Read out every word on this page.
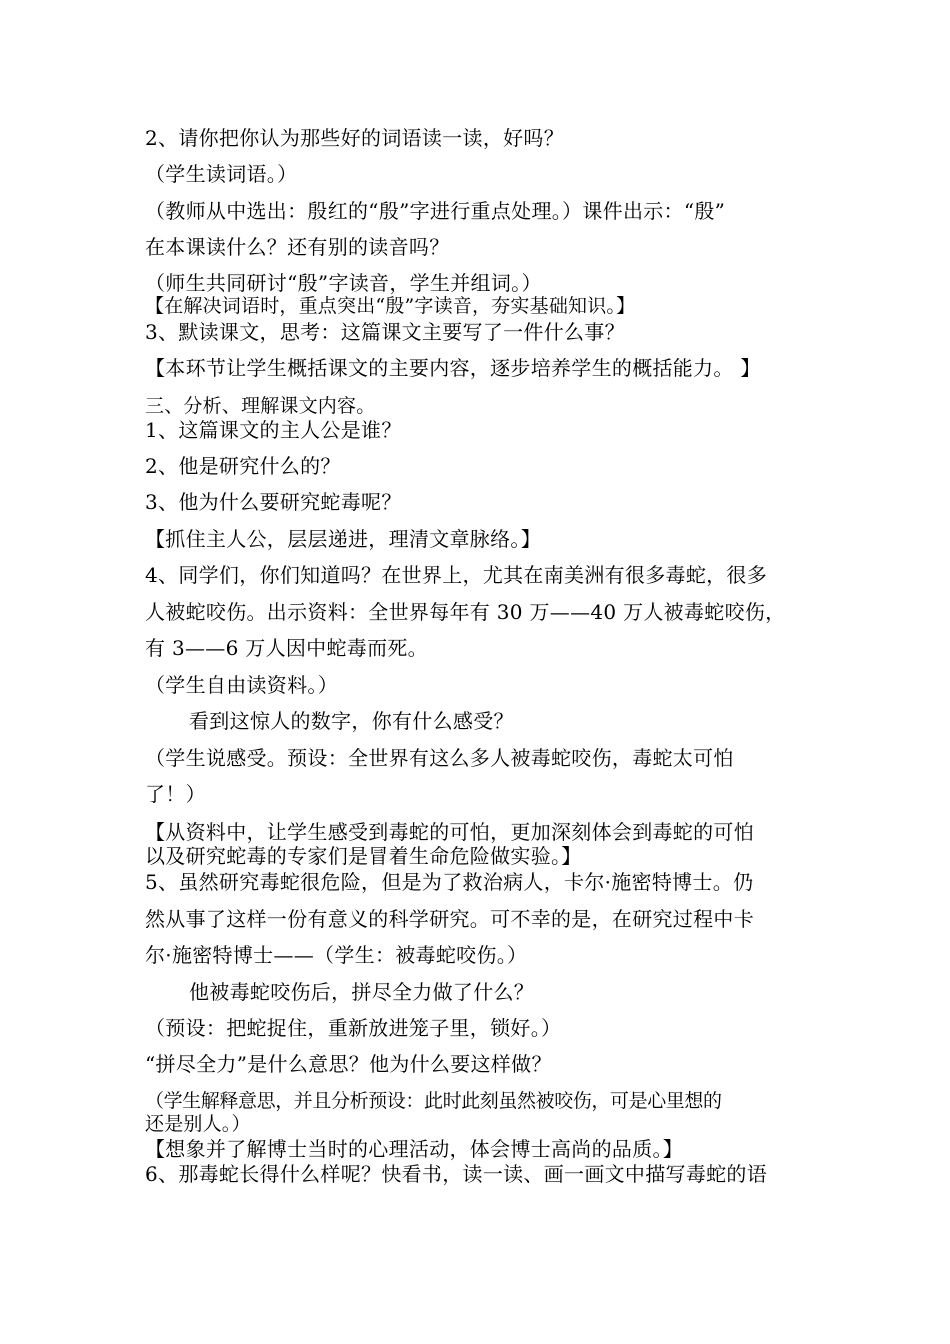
2、请你把你认为那些好的词语读一读，好吗？
（学生读词语。）
（教师从中选出：殷红的“殷”字进行重点处理。）课件出示：“殷”
在本课读什么？还有别的读音吗？
（师生共同研讨“殷”字读音，学生并组词。）
【在解决词语时，重点突出“殷”字读音，夯实基础知识。】
3、默读课文，思考：这篇课文主要写了一件什么事？
【本环节让学生概括课文的主要内容，逐步培养学生的概括能力。 】
三、分析、理解课文内容。
1、这篇课文的主人公是谁？
2、他是研究什么的？
3、他为什么要研究蛇毒呢？
【抓住主人公，层层递进，理清文章脉络。】
4、同学们，你们知道吗？在世界上，尤其在南美洲有很多毒蛇，很多
人被蛇咬伤。出示资料：全世界每年有 30 万——40 万人被毒蛇咬伤，
有 3——6 万人因中蛇毒而死。
（学生自由读资料。）
看到这惊人的数字，你有什么感受？
（学生说感受。预设：全世界有这么多人被毒蛇咬伤，毒蛇太可怕
了！）
【从资料中，让学生感受到毒蛇的可怕，更加深刻体会到毒蛇的可怕
以及研究蛇毒的专家们是冒着生命危险做实验。】
5、虽然研究毒蛇很危险，但是为了救治病人，卡尔·施密特博士。仍
然从事了这样一份有意义的科学研究。可不幸的是，在研究过程中卡
尔·施密特博士——（学生：被毒蛇咬伤。）
他被毒蛇咬伤后，拼尽全力做了什么？
（预设：把蛇捉住，重新放进笼子里，锁好。）
“拼尽全力”是什么意思？他为什么要这样做？
（学生解释意思，并且分析预设：此时此刻虽然被咬伤，可是心里想的
还是别人。）
【想象并了解博士当时的心理活动，体会博士高尚的品质。】
6、那毒蛇长得什么样呢？快看书，读一读、画一画文中描写毒蛇的语
